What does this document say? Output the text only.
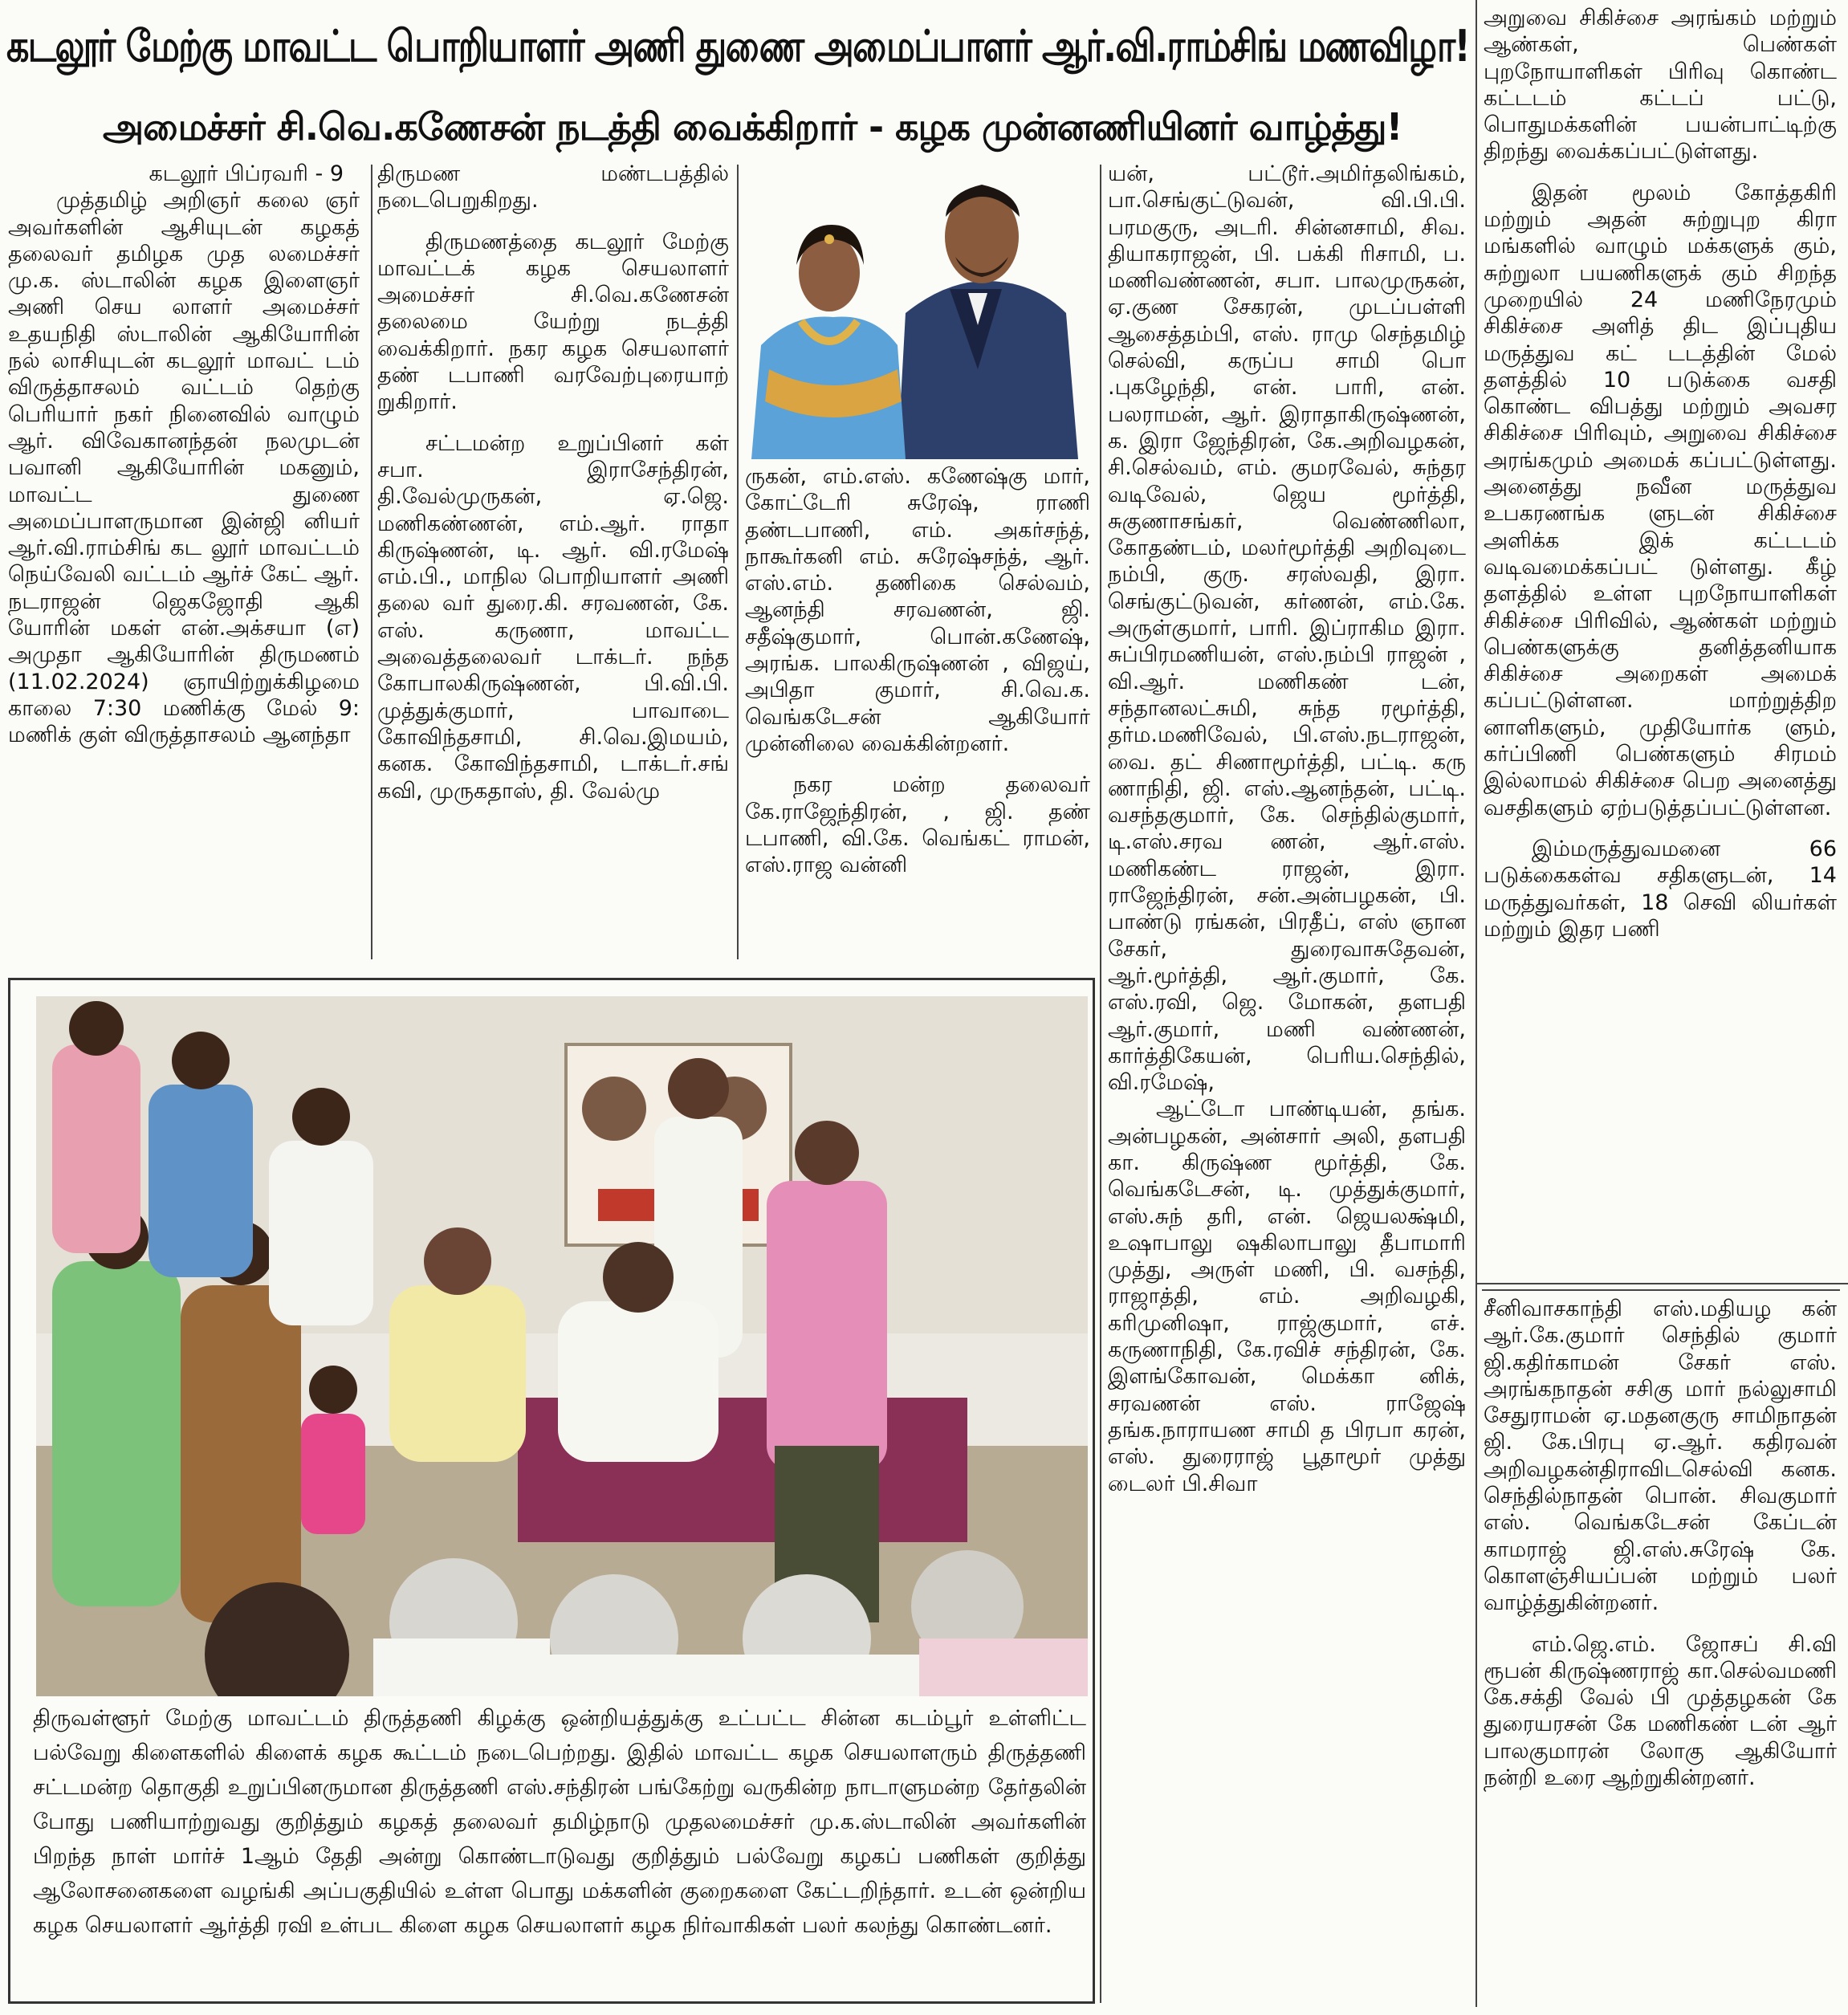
கடலூர் மேற்கு மாவட்ட பொறியாளர் அணி துணை அமைப்பாளர் ஆர்.வி.ராம்சிங் மணவிழா!
அமைச்சர் சி.வெ.கணேசன் நடத்தி வைக்கிறார் - கழக முன்னணியினர் வாழ்த்து!

கடலூர் பிப்ரவரி - 9

முத்தமிழ் அறிஞர் கலை ஞர் அவர்களின் ஆசியுடன் கழகத் தலைவர் தமிழக முத லமைச்சர் மு.க. ஸ்டாலின் கழக இளைஞர் அணி செய லாளர் அமைச்சர் உதயநிதி ஸ்டாலின் ஆகியோரின் நல் லாசியுடன் கடலூர் மாவட் டம் விருத்தாசலம் வட்டம் தெற்கு பெரியார் நகர் நினைவில் வாழும் ஆர். விவேகானந்தன் நலமுடன் பவானி ஆகியோரின் மகனும், மாவட்ட துணை அமைப்பாளருமான இன்ஜி னியர் ஆர்.வி.ராம்சிங் கட லூர் மாவட்டம் நெய்வேலி வட்டம் ஆர்ச் கேட் ஆர். நடராஜன் ஜெகஜோதி ஆகி யோரின் மகள் என்.அக்சயா (எ) அமுதா ஆகியோரின் திருமணம் (11.02.2024) ஞாயிற்றுக்கிழமை காலை 7:30 மணிக்கு மேல் 9: மணிக் குள் விருத்தாசலம் ஆனந்தா

திருமண மண்டபத்தில் நடைபெறுகிறது.

திருமணத்தை கடலூர் மேற்கு மாவட்டக் கழக செயலாளர் அமைச்சர் சி.வெ.கணேசன் தலைமை யேற்று நடத்தி வைக்கிறார். நகர கழக செயலாளர் தண் டபாணி வரவேற்புரையாற் றுகிறார்.

சட்டமன்ற உறுப்பினர் கள் சபா. இராசேந்திரன், தி.வேல்முருகன், ஏ.ஜெ. மணிகண்ணன், எம்.ஆர். ராதா கிருஷ்ணன், டி. ஆர். வி.ரமேஷ் எம்.பி., மாநில பொறியாளர் அணி தலை வர் துரை.கி. சரவணன், கே. எஸ். கருணா, மாவட்ட அவைத்தலைவர் டாக்டர். நந்த கோபாலகிருஷ்ணன், பி.வி.பி. முத்துக்குமார், பாவாடை கோவிந்தசாமி, சி.வெ.இமயம், கனக. கோவிந்தசாமி, டாக்டர்.சங் கவி, முருகதாஸ், தி. வேல்மு

ருகன், எம்.எஸ். கணேஷ்கு மார், கோட்டேரி சுரேஷ், ராணி தண்டபாணி, எம். அகர்சந்த், நாகூர்கனி எம். சுரேஷ்சந்த், ஆர். எஸ்.எம். தணிகை செல்வம், ஆனந்தி சரவணன், ஜி. சதீஷ்குமார், பொன்.கணேஷ், அரங்க. பாலகிருஷ்ணன் , விஜய், அபிதா குமார், சி.வெ.க. வெங்கடேசன் ஆகியோர் முன்னிலை வைக்கின்றனர்.

நகர மன்ற தலைவர் கே.ராஜேந்திரன், , ஜி. தண் டபாணி, வி.கே. வெங்கட் ராமன், எஸ்.ராஜ வன்னி

யன், பட்டூர்.அமிர்தலிங்கம், பா.செங்குட்டுவன், வி.பி.பி. பரமகுரு, அடரி. சின்னசாமி, சிவ. தியாகராஜன், பி. பக்கி ரிசாமி, ப. மணிவண்ணன், சபா. பாலமுருகன், ஏ.குண சேகரன், முடப்பள்ளி ஆசைத்தம்பி, எஸ். ராமு செந்தமிழ் செல்வி, கருப்ப சாமி பொ .புகழேந்தி, என். பாரி, என். பலராமன், ஆர். இராதாகிருஷ்ணன், க. இரா ஜேந்திரன், கே.அறிவழகன், சி.செல்வம், எம். குமரவேல், சுந்தர வடிவேல், ஜெய மூர்த்தி, சுகுணாசங்கர், வெண்ணிலா, கோதண்டம், மலர்மூர்த்தி அறிவுடை நம்பி, குரு. சரஸ்வதி, இரா. செங்குட்டுவன், கர்ணன், எம்.கே. அருள்குமார், பாரி. இப்ராகிம இரா. சுப்பிரமணியன், எஸ்.நம்பி ராஜன் , வி.ஆர். மணிகண் டன், சந்தானலட்சுமி, சுந்த ரமூர்த்தி, தர்ம.மணிவேல், பி.எஸ்.நடராஜன், வை. தட் சிணாமூர்த்தி, பட்டி. கரு ணாநிதி, ஜி. எஸ்.ஆனந்தன், பட்டி. வசந்தகுமார், கே. செந்தில்குமார், டி.எஸ்.சரவ ணன், ஆர்.எஸ். மணிகண்ட ராஜன், இரா. ராஜேந்திரன், சன்.அன்பழகன், பி. பாண்டு ரங்கன், பிரதீப், எஸ் ஞான சேகர், துரைவாசுதேவன், ஆர்.மூர்த்தி, ஆர்.குமார், கே. எஸ்.ரவி, ஜெ. மோகன், தளபதி ஆர்.குமார், மணி வண்ணன், கார்த்திகேயன், பெரிய.செந்தில், வி.ரமேஷ்,

ஆட்டோ பாண்டியன், தங்க. அன்பழகன், அன்சார் அலி, தளபதி கா. கிருஷ்ண மூர்த்தி, கே. வெங்கடேசன், டி. முத்துக்குமார், எஸ்.சுந் தரி, என். ஜெயலக்ஷ்மி, உஷாபாலு ஷகிலாபாலு தீபாமாரி முத்து, அருள் மணி, பி. வசந்தி, ராஜாத்தி, எம். அறிவழகி, கரிமுனிஷா, ராஜ்குமார், எச். கருணாநிதி, கே.ரவிச் சந்திரன், கே. இளங்கோவன், மெக்கா னிக், சரவணன் எஸ். ராஜேஷ் தங்க.நாராயண சாமி த பிரபா கரன், எஸ். துரைராஜ் பூதாமூர் முத்து டைலர் பி.சிவா

அறுவை சிகிச்சை அரங்கம் மற்றும் ஆண்கள், பெண்கள் புறநோயாளிகள் பிரிவு கொண்ட கட்டடம் கட்டப் பட்டு, பொதுமக்களின் பயன்பாட்டிற்கு திறந்து வைக்கப்பட்டுள்ளது.

இதன் மூலம் கோத்தகிரி மற்றும் அதன் சுற்றுபுற கிரா மங்களில் வாழும் மக்களுக் கும், சுற்றுலா பயணிகளுக் கும் சிறந்த முறையில் 24 மணிநேரமும் சிகிச்சை அளித் திட இப்புதிய மருத்துவ கட் டடத்தின் மேல் தளத்தில் 10 படுக்கை வசதி கொண்ட விபத்து மற்றும் அவசர சிகிச்சை பிரிவும், அறுவை சிகிச்சை அரங்கமும் அமைக் கப்பட்டுள்ளது. அனைத்து நவீன மருத்துவ உபகரணங்க ளுடன் சிகிச்சை அளிக்க இக் கட்டடம் வடிவமைக்கப்பட் டுள்ளது. கீழ் தளத்தில் உள்ள புறநோயாளிகள் சிகிச்சை பிரிவில், ஆண்கள் மற்றும் பெண்களுக்கு தனித்தனியாக சிகிச்சை அறைகள் அமைக் கப்பட்டுள்ளன. மாற்றுத்திற னாளிகளும், முதியோர்க ளும், கர்ப்பிணி பெண்களும் சிரமம் இல்லாமல் சிகிச்சை பெற அனைத்து வசதிகளும் ஏற்படுத்தப்பட்டுள்ளன.

இம்மருத்துவமனை 66 படுக்கைகள்வ சதிகளுடன், 14 மருத்துவர்கள், 18 செவி லியர்கள் மற்றும் இதர பணி

சீனிவாசகாந்தி எஸ்.மதியழ கன் ஆர்.கே.குமார் செந்தில் குமார் ஜி.கதிர்காமன் சேகர் எஸ். அரங்கநாதன் சசிகு மார் நல்லுசாமி சேதுராமன் ஏ.மதனகுரு சாமிநாதன் ஜி. கே.பிரபு ஏ.ஆர். கதிரவன் அறிவழகன்திராவிடசெல்வி கனக. செந்தில்நாதன் பொன். சிவகுமார் எஸ். வெங்கடேசன் கேப்டன் காமராஜ் ஜி.எஸ்.சுரேஷ் கே. கொளஞ்சியப்பன் மற்றும் பலர் வாழ்த்துகின்றனர்.

எம்.ஜெ.எம். ஜோசப் சி.வி ரூபன் கிருஷ்ணராஜ் கா.செல்வமணி கே.சக்தி வேல் பி முத்தழகன் கே துரையரசன் கே மணிகண் டன் ஆர் பாலகுமாரன் லோகு ஆகியோர் நன்றி உரை ஆற்றுகின்றனர்.

திருவள்ளூர் மேற்கு மாவட்டம் திருத்தணி கிழக்கு ஒன்றியத்துக்கு உட்பட்ட சின்ன கடம்பூர் உள்ளிட்ட பல்வேறு கிளைகளில் கிளைக் கழக கூட்டம் நடைபெற்றது. இதில் மாவட்ட கழக செயலாளரும் திருத்தணி சட்டமன்ற தொகுதி உறுப்பினருமான திருத்தணி எஸ்.சந்திரன் பங்கேற்று வருகின்ற நாடாளுமன்ற தேர்தலின் போது பணியாற்றுவது குறித்தும் கழகத் தலைவர் தமிழ்நாடு முதலமைச்சர் மு.க.ஸ்டாலின் அவர்களின் பிறந்த நாள் மார்ச் 1ஆம் தேதி அன்று கொண்டாடுவது குறித்தும் பல்வேறு கழகப் பணிகள் குறித்து ஆலோசனைகளை வழங்கி அப்பகுதியில் உள்ள பொது மக்களின் குறைகளை கேட்டறிந்தார். உடன் ஒன்றிய கழக செயலாளர் ஆர்த்தி ரவி உள்பட கிளை கழக செயலாளர் கழக நிர்வாகிகள் பலர் கலந்து கொண்டனர்.
